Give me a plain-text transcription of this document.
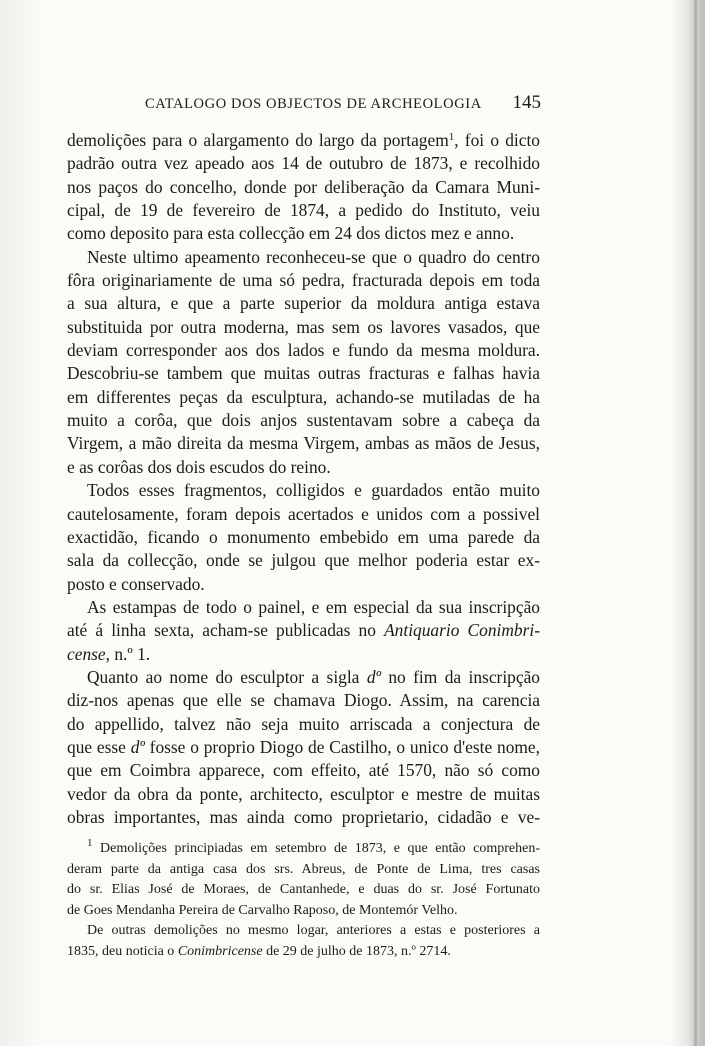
CATALOGO DOS OBJECTOS DE ARCHEOLOGIA 145
demolições para o alargamento do largo da portagem$^1$, foi o dicto
padrão outra vez apeado aos 14 de outubro de 1873, e recolhido
nos paços do concelho, donde por deliberação da Camara Muni-
cipal, de 19 de fevereiro de 1874, a pedido do Instituto, veiu
como deposito para esta collecção em 24 dos dictos mez e anno.
Neste ultimo apeamento reconheceu-se que o quadro do centro
fôra originariamente de uma só pedra, fracturada depois em toda
a sua altura, e que a parte superior da moldura antiga estava
substituida por outra moderna, mas sem os lavores vasados, que
deviam corresponder aos dos lados e fundo da mesma moldura.
Descobriu-se tambem que muitas outras fracturas e falhas havia
em differentes peças da esculptura, achando-se mutiladas de ha
muito a corôa, que dois anjos sustentavam sobre a cabeça da
Virgem, a mão direita da mesma Virgem, ambas as mãos de Jesus,
e as corôas dos dois escudos do reino.
Todos esses fragmentos, colligidos e guardados então muito
cautelosamente, foram depois acertados e unidos com a possivel
exactidão, ficando o monumento embebido em uma parede da
sala da collecção, onde se julgou que melhor poderia estar ex-
posto e conservado.
As estampas de todo o painel, e em especial da sua inscripção
até á linha sexta, acham-se publicadas no Antiquario Conimbri-
cense, n.º 1.
Quanto ao nome do esculptor a sigla dº no fim da inscripção
diz-nos apenas que elle se chamava Diogo. Assim, na carencia
do appellido, talvez não seja muito arriscada a conjectura de
que esse dº fosse o proprio Diogo de Castilho, o unico d'este nome,
que em Coimbra apparece, com effeito, até 1570, não só como
vedor da obra da ponte, architecto, esculptor e mestre de muitas
obras importantes, mas ainda como proprietario, cidadão e ve-
$^1$ Demolições principiadas em setembro de 1873, e que então comprehen-
deram parte da antiga casa dos srs. Abreus, de Ponte de Lima, tres casas
do sr. Elias José de Moraes, de Cantanhede, e duas do sr. José Fortunato
de Goes Mendanha Pereira de Carvalho Raposo, de Montemór Velho.
De outras demolições no mesmo logar, anteriores a estas e posteriores a
1835, deu noticia o Conimbricense de 29 de julho de 1873, n.º 2714.
